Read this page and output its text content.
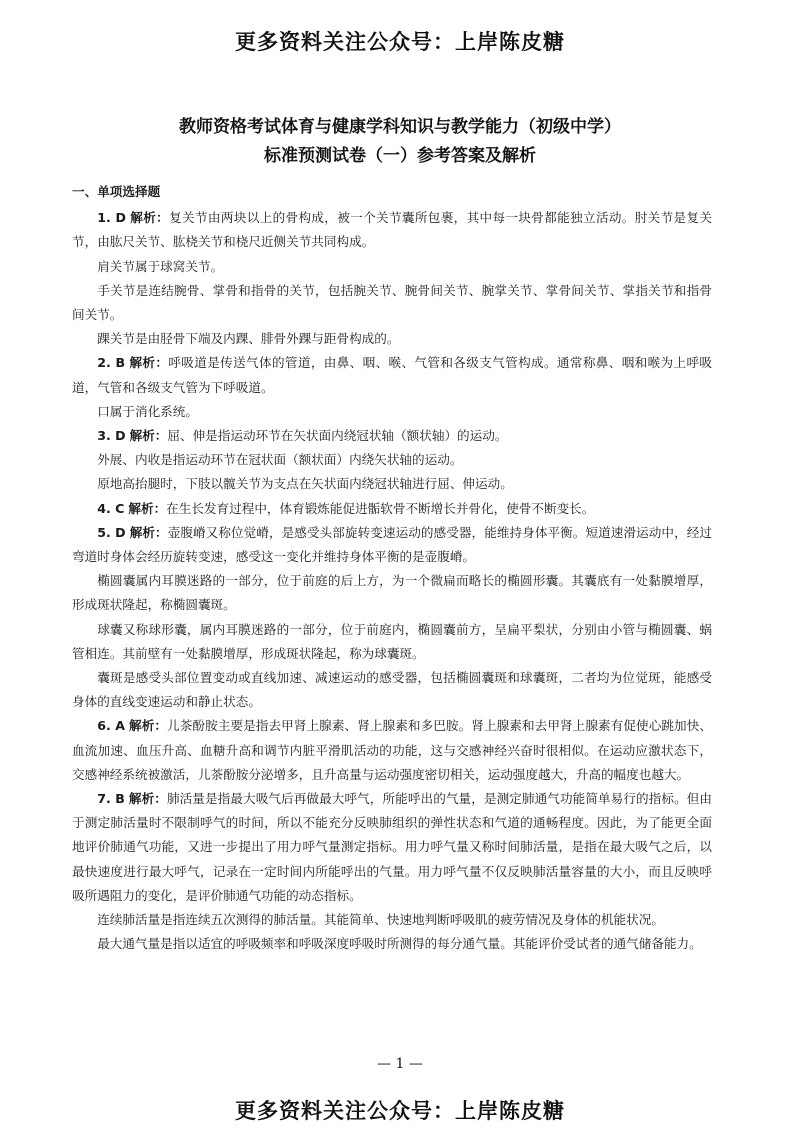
更多资料关注公众号：上岸陈皮糖
教师资格考试体育与健康学科知识与教学能力（初级中学）
标准预测试卷（一）参考答案及解析
一、单项选择题

1. D 解析：复关节由两块以上的骨构成，被一个关节囊所包裹，其中每一块骨都能独立活动。肘关节是复关节，由肱尺关节、肱桡关节和桡尺近侧关节共同构成。

肩关节属于球窝关节。

手关节是连结腕骨、掌骨和指骨的关节，包括腕关节、腕骨间关节、腕掌关节、掌骨间关节、掌指关节和指骨间关节。

踝关节是由胫骨下端及内踝、腓骨外踝与距骨构成的。

2. B 解析：呼吸道是传送气体的管道，由鼻、咽、喉、气管和各级支气管构成。通常称鼻、咽和喉为上呼吸道，气管和各级支气管为下呼吸道。

口属于消化系统。

3. D 解析：屈、伸是指运动环节在矢状面内绕冠状轴（额状轴）的运动。

外展、内收是指运动环节在冠状面（额状面）内绕矢状轴的运动。

原地高抬腿时，下肢以髋关节为支点在矢状面内绕冠状轴进行屈、伸运动。

4. C 解析：在生长发育过程中，体育锻炼能促进骺软骨不断增长并骨化，使骨不断变长。

5. D 解析：壶腹嵴又称位觉嵴，是感受头部旋转变速运动的感受器，能维持身体平衡。短道速滑运动中，经过弯道时身体会经历旋转变速，感受这一变化并维持身体平衡的是壶腹嵴。

椭圆囊属内耳膜迷路的一部分，位于前庭的后上方，为一个微扁而略长的椭圆形囊。其囊底有一处黏膜增厚，形成斑状隆起，称椭圆囊斑。

球囊又称球形囊，属内耳膜迷路的一部分，位于前庭内，椭圆囊前方，呈扁平梨状，分别由小管与椭圆囊、蜗管相连。其前壁有一处黏膜增厚，形成斑状隆起，称为球囊斑。

囊斑是感受头部位置变动或直线加速、减速运动的感受器，包括椭圆囊斑和球囊斑，二者均为位觉斑，能感受身体的直线变速运动和静止状态。

6. A 解析：儿茶酚胺主要是指去甲肾上腺素、肾上腺素和多巴胺。肾上腺素和去甲肾上腺素有促使心跳加快、血流加速、血压升高、血糖升高和调节内脏平滑肌活动的功能，这与交感神经兴奋时很相似。在运动应激状态下，交感神经系统被激活，儿茶酚胺分泌增多，且升高量与运动强度密切相关，运动强度越大，升高的幅度也越大。

7. B 解析：肺活量是指最大吸气后再做最大呼气，所能呼出的气量，是测定肺通气功能简单易行的指标。但由于测定肺活量时不限制呼气的时间，所以不能充分反映肺组织的弹性状态和气道的通畅程度。因此，为了能更全面地评价肺通气功能，又进一步提出了用力呼气量测定指标。用力呼气量又称时间肺活量，是指在最大吸气之后，以最快速度进行最大呼气，记录在一定时间内所能呼出的气量。用力呼气量不仅反映肺活量容量的大小，而且反映呼吸所遇阻力的变化，是评价肺通气功能的动态指标。

连续肺活量是指连续五次测得的肺活量。其能简单、快速地判断呼吸肌的疲劳情况及身体的机能状况。

最大通气量是指以适宜的呼吸频率和呼吸深度呼吸时所测得的每分通气量。其能评价受试者的通气储备能力。

— 1 —
更多资料关注公众号：上岸陈皮糖
